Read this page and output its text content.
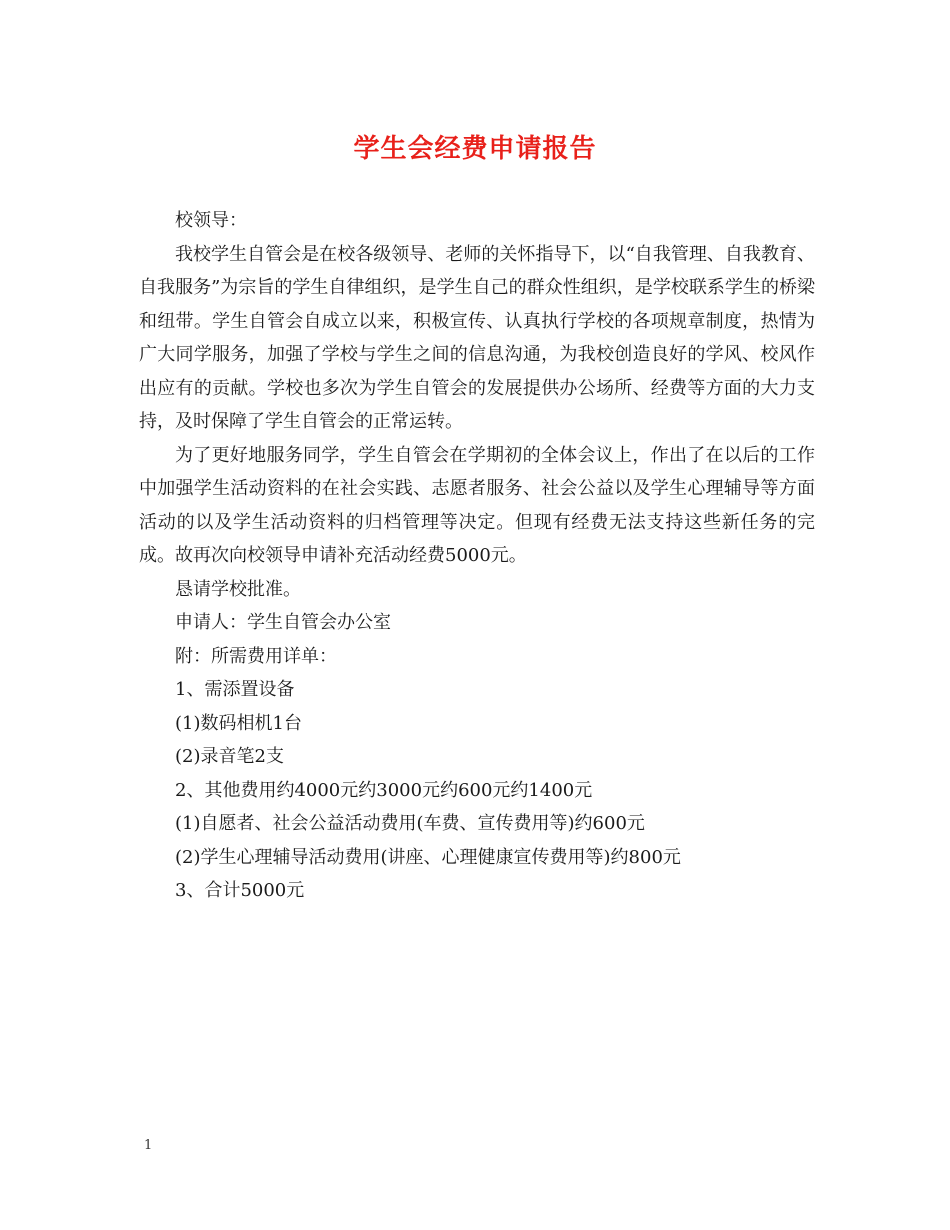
学生会经费申请报告

校领导：

我校学生自管会是在校各级领导、老师的关怀指导下，以“自我管理、自我教育、自我服务”为宗旨的学生自律组织，是学生自己的群众性组织，是学校联系学生的桥梁和纽带。学生自管会自成立以来，积极宣传、认真执行学校的各项规章制度，热情为广大同学服务，加强了学校与学生之间的信息沟通，为我校创造良好的学风、校风作出应有的贡献。学校也多次为学生自管会的发展提供办公场所、经费等方面的大力支持，及时保障了学生自管会的正常运转。

为了更好地服务同学，学生自管会在学期初的全体会议上，作出了在以后的工作中加强学生活动资料的在社会实践、志愿者服务、社会公益以及学生心理辅导等方面活动的以及学生活动资料的归档管理等决定。但现有经费无法支持这些新任务的完成。故再次向校领导申请补充活动经费5000元。

恳请学校批准。

申请人：学生自管会办公室

附：所需费用详单：

1、需添置设备

(1)数码相机1台

(2)录音笔2支

2、其他费用约4000元约3000元约600元约1400元

(1)自愿者、社会公益活动费用(车费、宣传费用等)约600元

(2)学生心理辅导活动费用(讲座、心理健康宣传费用等)约800元

3、合计5000元

1
